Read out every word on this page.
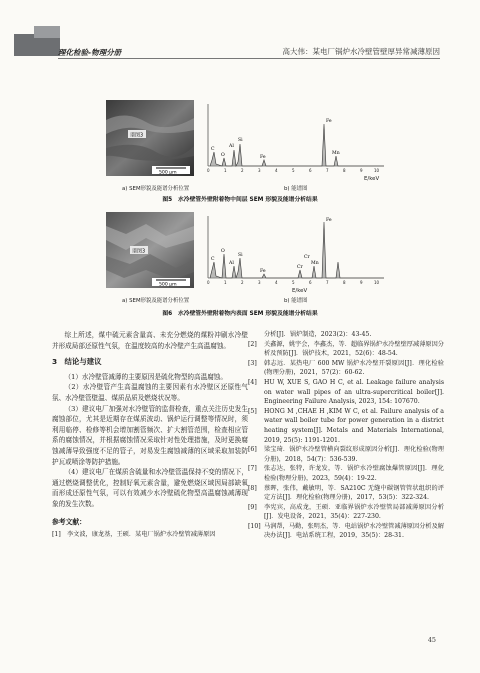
理化检验-物理分册	高大伟：某电厂锅炉水冷壁管壁厚异常减薄原因
谱图3
500 µm
C
O
Al
Si
Fe
Mn
Fe
0	1	2	3	4	5	6	7	8	9	10
E/keV
a) SEM形貌及能谱分析位置	b) 能谱图
图5　水冷壁管外壁附着物中间层 SEM 形貌及能谱分析结果
谱图3
500 µm
C
O
Al
Si
Fe
Cr
Mn
Cr
Fe
0	1	2	3	4	5	6	7	8	9	10
E/keV
a) SEM形貌及能谱分析位置	b) 能谱图
图6　水冷壁管外壁附着物内表面 SEM 形貌及能谱分析结果

综上所述，煤中硫元素含量高、未充分燃烧的煤粉冲刷水冷壁并形成局部还原性气氛，在温度较高的水冷壁产生高温腐蚀。

3　结论与建议

（1）水冷壁管减薄的主要原因是硫化物型的高温腐蚀。

（2）水冷壁管产生高温腐蚀的主要因素有水冷壁区还原性气氛、水冷壁管壁温、煤质品质及燃烧状况等。

（3）建议电厂加强对水冷壁管的监督检查，重点关注历史发生腐蚀部位，尤其是近期存在煤质波动、锅炉运行调整等情况时，须利用临停、检修等机会增加割管频次、扩大割管范围，检查相应管系的腐蚀情况，并根据腐蚀情况采取针对性处理措施，及时更换腐蚀减薄导致强度不足的管子，对易发生腐蚀减薄的区域采取加装防护瓦或喷涂等防护措施。

（4）建议电厂在煤质含硫量和水冷壁管温保持不变的情况下，通过燃烧调整优化，控制好氧元素含量，避免燃烧区域因局部缺氧而形成还原性气氛，可以有效减少水冷壁硫化物型高温腐蚀减薄现象的发生次数。

参考文献：
[1]　李文波，康龙基，王硕．某电厂锅炉水冷壁管减薄原因
分析[J]．锅炉制造，2023(2)：43-45.
[2]	关鑫源，姚宇会，李鑫杰，等．超临界锅炉水冷壁壁厚减薄原因分析及预防[J]．锅炉技术，2021，52(6)：48-54.
[3]	韩志远．某热电厂 600 MW 锅炉水冷壁开裂原因[J]．理化检验(物理分册)，2021，57(2)：60-62.
[4]	HU W, XUE S, GAO H C, et al. Leakage failure analysis on water wall pipes of an ultra-supercritical boiler[J]. Engineering Failure Analysis, 2023, 154: 107670.
[5]	HONG M ,CHAE H ,KIM W C, et al. Failure analysis of a water wall boiler tube for power generation in a district heating system[J]. Metals and Materials International, 2019, 25(5): 1191-1201.
[6]	梁宝琦．锅炉水冷壁管横向裂纹形成原因分析[J]．理化检验(物理分册)，2018，54(7)：536-539.
[7]	张志达，张特，许龙发，等．锅炉水冷壁腐蚀爆管原因[J]．理化检验(物理分册)，2023，59(4)：19-22.
[8]	蔡晖，张伟，戴敏明，等．SA210C 无缝中碳钢管管状组织的评定方法[J]．理化检验(物理分册)，2017，53(5)：322-324.
[9]	李宪宾，高成龙，王硕．亚临界锅炉水冷壁管局部减薄原因分析[J]．发电设备，2021，35(4)：227-230.
[10] 马润帮，马勤，张明杰，等．电站锅炉水冷壁管减薄原因分析及解决办法[J]．电站系统工程，2019，35(5)：28-31.
45
